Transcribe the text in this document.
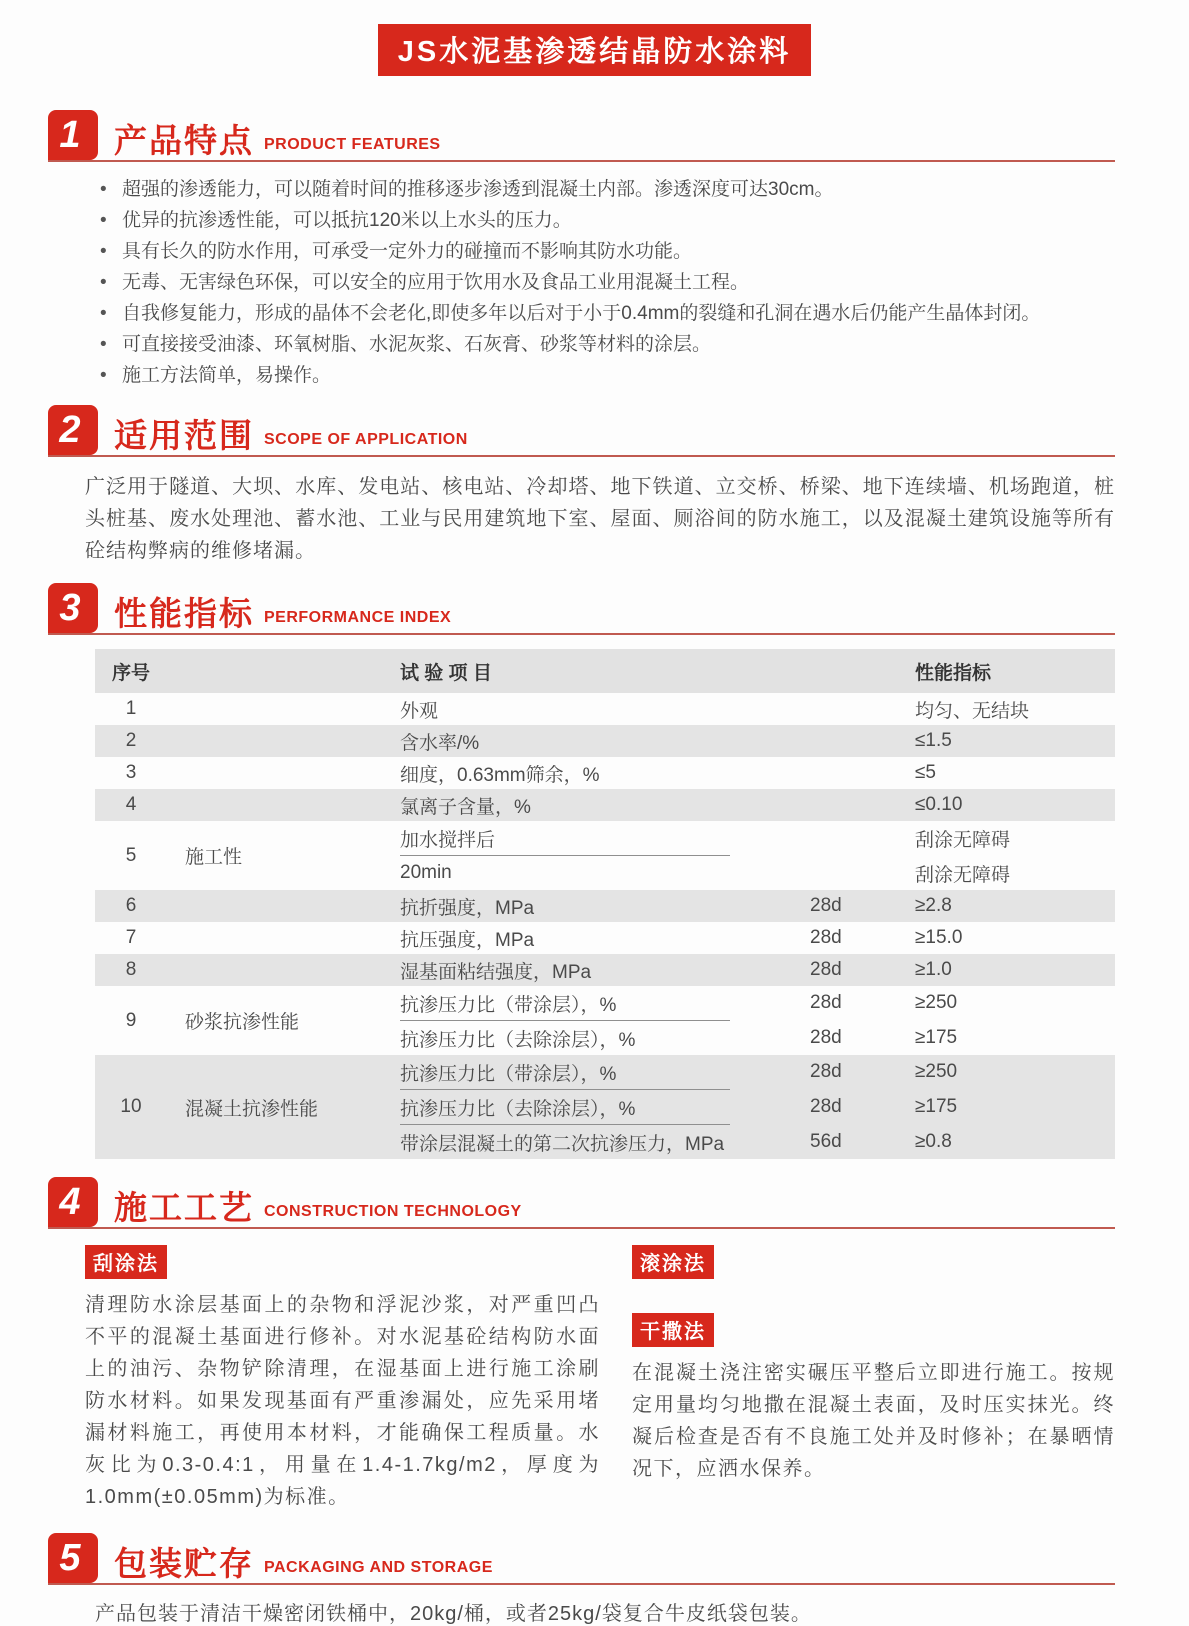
JS水泥基渗透结晶防水涂料
1	产品特点 PRODUCT FEATURES
• 超强的渗透能力，可以随着时间的推移逐步渗透到混凝土内部。渗透深度可达30cm。
• 优异的抗渗透性能，可以抵抗120米以上水头的压力。
• 具有长久的防水作用，可承受一定外力的碰撞而不影响其防水功能。
• 无毒、无害绿色环保，可以安全的应用于饮用水及食品工业用混凝土工程。
• 自我修复能力，形成的晶体不会老化,即使多年以后对于小于0.4mm的裂缝和孔洞在遇水后仍能产生晶体封闭。
• 可直接接受油漆、环氧树脂、水泥灰浆、石灰膏、砂浆等材料的涂层。
• 施工方法简单，易操作。
2	适用范围 SCOPE OF APPLICATION
广泛用于隧道、大坝、水库、发电站、核电站、冷却塔、地下铁道、立交桥、桥梁、地下连续墙、机场跑道，桩头桩基、废水处理池、蓄水池、工业与民用建筑地下室、屋面、厕浴间的防水施工，以及混凝土建筑设施等所有砼结构弊病的维修堵漏。
3	性能指标 PERFORMANCE INDEX
序号	试 验 项 目	性能指标
1	外观	均匀、无结块
2	含水率/%	≤1.5
3	细度，0.63mm筛余，%	≤5
4	氯离子含量，%	≤0.10
5	施工性
加水搅拌后	刮涂无障碍
20min	刮涂无障碍
6	抗折强度，MPa	28d	≥2.8
7	抗压强度，MPa	28d	≥15.0
8	湿基面粘结强度，MPa	28d	≥1.0
9	砂浆抗渗性能
抗渗压力比（带涂层），%	28d	≥250
抗渗压力比（去除涂层），%	28d	≥175
10	混凝土抗渗性能
抗渗压力比（带涂层），%	28d	≥250
抗渗压力比（去除涂层），%	28d	≥175
带涂层混凝土的第二次抗渗压力，MPa	56d	≥0.8
4	施工工艺 CONSTRUCTION TECHNOLOGY
刮涂法
清理防水涂层基面上的杂物和浮泥沙浆，对严重凹凸不平的混凝土基面进行修补。对水泥基砼结构防水面上的油污、杂物铲除清理，在湿基面上进行施工涂刷防水材料。如果发现基面有严重渗漏处，应先采用堵漏材料施工，再使用本材料，才能确保工程质量。水灰比为0.3-0.4:1，用量在1.4-1.7kg/m2，厚度为1.0mm(±0.05mm)为标准。
滚涂法
干撒法
在混凝土浇注密实碾压平整后立即进行施工。按规定用量均匀地撒在混凝土表面，及时压实抹光。终凝后检查是否有不良施工处并及时修补；在暴晒情况下，应洒水保养。
5	包装贮存 PACKAGING AND STORAGE
产品包装于清洁干燥密闭铁桶中，20kg/桶，或者25kg/袋复合牛皮纸袋包装。
